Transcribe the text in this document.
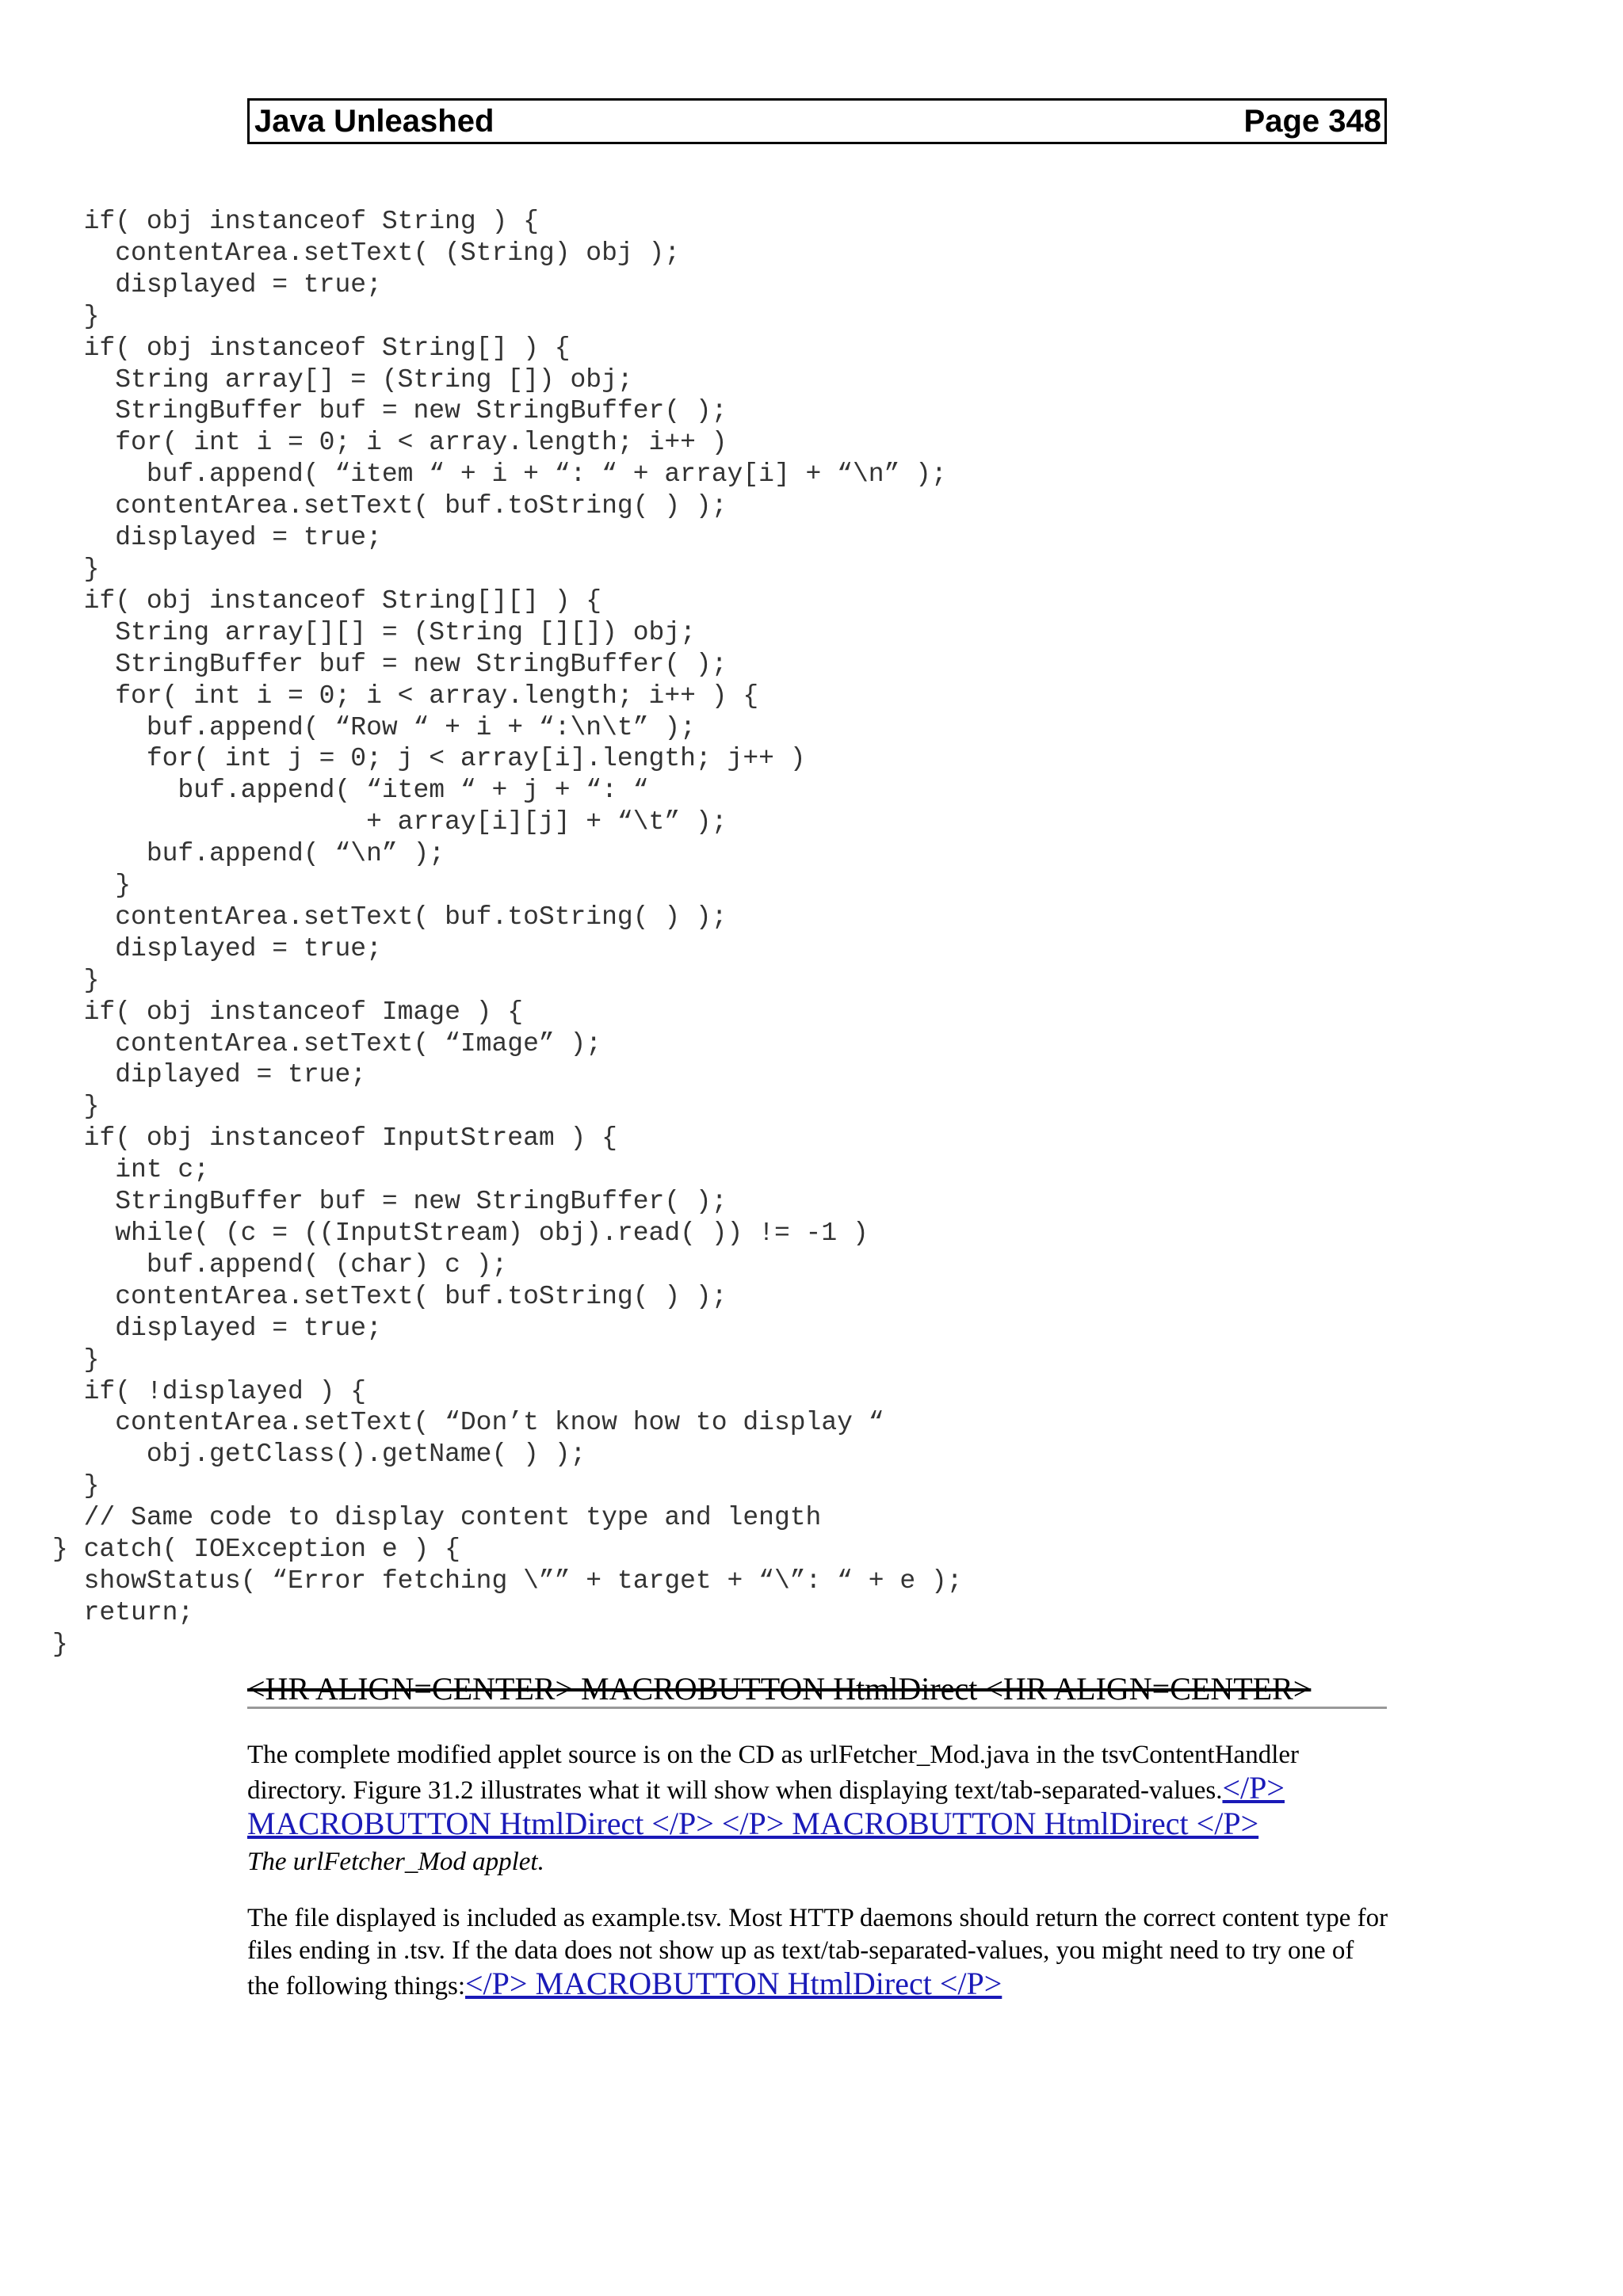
Java Unleashed	Page 348
if( obj instanceof String ) {
contentArea.setText( (String) obj );
displayed = true;
}
if( obj instanceof String[] ) {
String array[] = (String []) obj;
StringBuffer buf = new StringBuffer( );
for( int i = 0; i < array.length; i++ )
buf.append( “item “ + i + “: “ + array[i] + “\n” );
contentArea.setText( buf.toString( ) );
displayed = true;
}
if( obj instanceof String[][] ) {
String array[][] = (String [][]) obj;
StringBuffer buf = new StringBuffer( );
for( int i = 0; i < array.length; i++ ) {
buf.append( “Row “ + i + “:\n\t” );
for( int j = 0; j < array[i].length; j++ )
buf.append( “item “ + j + “: “
+ array[i][j] + “\t” );
buf.append( “\n” );
}
contentArea.setText( buf.toString( ) );
displayed = true;
}
if( obj instanceof Image ) {
contentArea.setText( “Image” );
diplayed = true;
}
if( obj instanceof InputStream ) {
int c;
StringBuffer buf = new StringBuffer( );
while( (c = ((InputStream) obj).read( )) != -1 )
buf.append( (char) c );
contentArea.setText( buf.toString( ) );
displayed = true;
}
if( !displayed ) {
contentArea.setText( “Don’t know how to display “
obj.getClass().getName( ) );
}
// Same code to display content type and length
} catch( IOException e ) {
showStatus( “Error fetching \”” + target + “\”: “ + e );
return;
}
<HR ALIGN=CENTER> MACROBUTTON HtmlDirect <HR ALIGN=CENTER>

The complete modified applet source is on the CD as urlFetcher_Mod.java in the tsvContentHandler directory. Figure 31.2 illustrates what it will show when displaying text/tab-separated-values.</P> MACROBUTTON HtmlDirect </P> </P> MACROBUTTON HtmlDirect </P>

The urlFetcher_Mod applet.

The file displayed is included as example.tsv. Most HTTP daemons should return the correct content type for files ending in .tsv. If the data does not show up as text/tab-separated-values, you might need to try one of the following things:</P> MACROBUTTON HtmlDirect </P>
